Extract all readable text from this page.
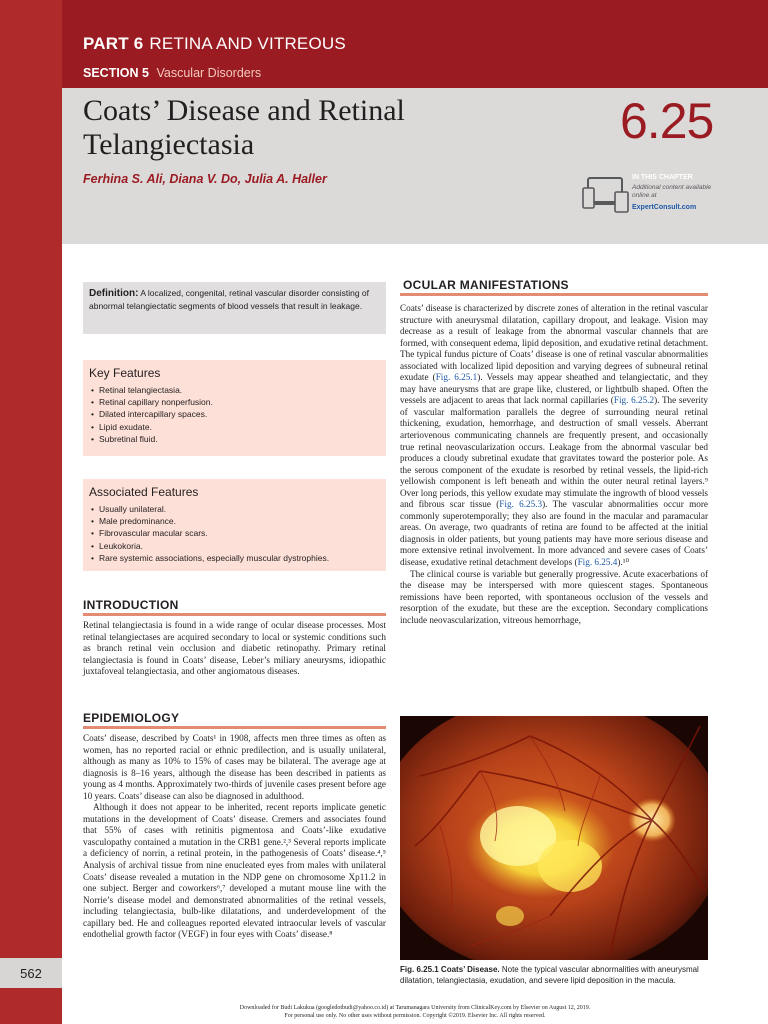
562
PART 6 RETINA AND VITREOUS
SECTION 5 Vascular Disorders
Coats’ Disease and Retinal Telangiectasia	6.25
Ferhina S. Ali, Diana V. Do, Julia A. Haller	IN THIS CHAPTER
Additional content available online at
ExpertConsult.com
Definition: A localized, congenital, retinal vascular disorder consisting of abnormal telangiectatic segments of blood vessels that result in leakage.
Key Features
• Retinal telangiectasia.
• Retinal capillary nonperfusion.
• Dilated intercapillary spaces.
• Lipid exudate.
• Subretinal fluid.
Associated Features
• Usually unilateral.
• Male predominance.
• Fibrovascular macular scars.
• Leukokoria.
• Rare systemic associations, especially muscular dystrophies.
INTRODUCTION

Retinal telangiectasia is found in a wide range of ocular disease processes. Most retinal telangiectases are acquired secondary to local or systemic conditions such as branch retinal vein occlusion and diabetic retinopathy. Primary retinal telangiectasia is found in Coats’ disease, Leber’s miliary aneurysms, idiopathic juxtafoveal telangiectasia, and other angiomatous diseases.

EPIDEMIOLOGY

Coats’ disease, described by Coats¹ in 1908, affects men three times as often as women, has no reported racial or ethnic predilection, and is usually unilateral, although as many as 10% to 15% of cases may be bilateral. The average age at diagnosis is 8–16 years, although the disease has been described in patients as young as 4 months. Approximately two-thirds of juvenile cases present before age 10 years. Coats’ disease can also be diagnosed in adulthood.

Although it does not appear to be inherited, recent reports implicate genetic mutations in the development of Coats’ disease. Cremers and associates found that 55% of cases with retinitis pigmentosa and Coats’-like exudative vasculopathy contained a mutation in the CRB1 gene.²,³ Several reports implicate a deficiency of norrin, a retinal protein, in the pathogenesis of Coats’ disease.⁴,⁵ Analysis of archival tissue from nine enucleated eyes from males with unilateral Coats’ disease revealed a mutation in the NDP gene on chromosome Xp11.2 in one subject. Berger and coworkers⁶,⁷ developed a mutant mouse line with the Norrie’s disease model and demonstrated abnormalities of the retinal vessels, including telangiectasia, bulb-like dilatations, and underdevelopment of the capillary bed. He and colleagues reported elevated intraocular levels of vascular endothelial growth factor (VEGF) in four eyes with Coats’ disease.⁸

OCULAR MANIFESTATIONS

Coats’ disease is characterized by discrete zones of alteration in the retinal vascular structure with aneurysmal dilatation, capillary dropout, and leakage. Vision may decrease as a result of leakage from the abnormal vascular channels that are formed, with consequent edema, lipid deposition, and exudative retinal detachment. The typical fundus picture of Coats’ disease is one of retinal vascular abnormalities associated with localized lipid deposition and varying degrees of subneural retinal exudate (Fig. 6.25.1). Vessels may appear sheathed and telangiectatic, and they may have aneurysms that are grape like, clustered, or lightbulb shaped. Often the vessels are adjacent to areas that lack normal capillaries (Fig. 6.25.2). The severity of vascular malformation parallels the degree of surrounding neural retinal thickening, exudation, hemorrhage, and destruction of small vessels. Aberrant arteriovenous communicating channels are frequently present, and occasionally true retinal neovascularization occurs. Leakage from the abnormal vascular bed produces a cloudy subretinal exudate that gravitates toward the posterior pole. As the serous component of the exudate is resorbed by retinal vessels, the lipid-rich yellowish component is left beneath and within the outer neural retinal layers.⁹ Over long periods, this yellow exudate may stimulate the ingrowth of blood vessels and fibrous scar tissue (Fig. 6.25.3). The vascular abnormalities occur more commonly superotemporally; they also are found in the macular and paramacular areas. On average, two quadrants of retina are found to be affected at the initial diagnosis in older patients, but young patients may have more serious disease and more extensive retinal involvement. In more advanced and severe cases of Coats’ disease, exudative retinal detachment develops (Fig. 6.25.4).¹⁰

The clinical course is variable but generally progressive. Acute exacerbations of the disease may be interspersed with more quiescent stages. Spontaneous remissions have been reported, with spontaneous occlusion of the vessels and resorption of the exudate, but these are the exception. Secondary complications include neovascularization, vitreous hemorrhage,

Fig. 6.25.1 Coats’ Disease. Note the typical vascular abnormalities with aneurysmal dilatation, telangiectasia, exudation, and severe lipid deposition in the macula.
Downloaded for Budi Lakukua (googledotbudi@yahoo.co.id) at Tarumanagara University from ClinicalKey.com by Elsevier on August 12, 2019.
For personal use only. No other uses without permission. Copyright ©2019. Elsevier Inc. All rights reserved.
